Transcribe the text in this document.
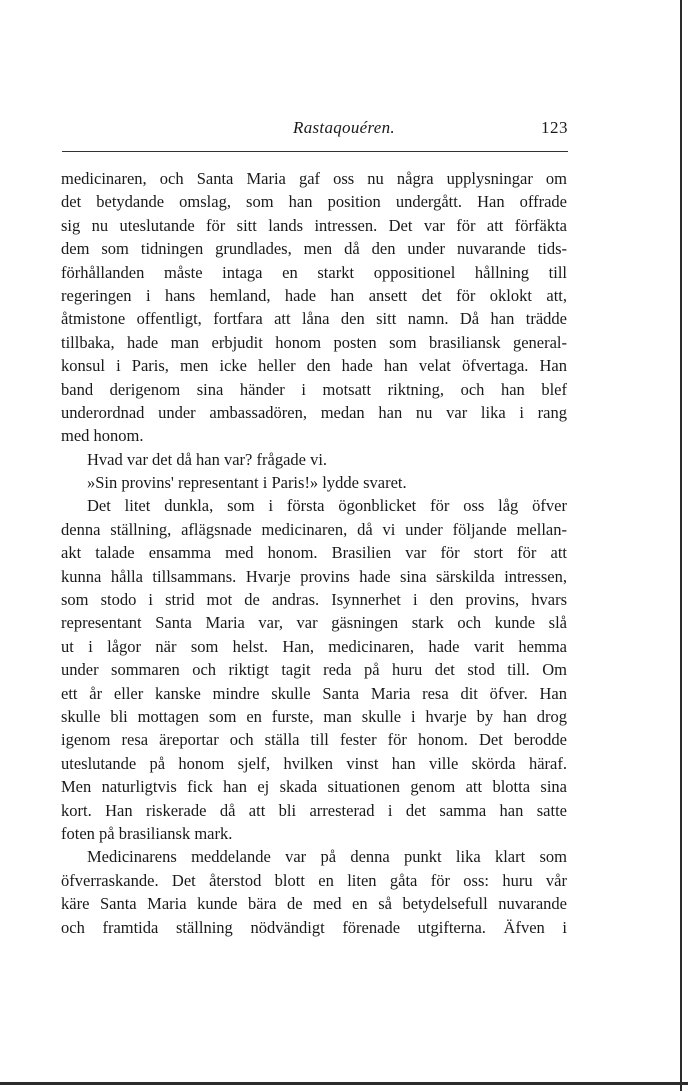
Rastaqouéren.	123
medicinaren, och Santa Maria gaf oss nu några upplysningar om
det betydande omslag, som han position undergått. Han offrade
sig nu uteslutande för sitt lands intressen. Det var för att förfäkta
dem som tidningen grundlades, men då den under nuvarande tids-
förhållanden måste intaga en starkt oppositionel hållning till
regeringen i hans hemland, hade han ansett det för oklokt att,
åtmistone offentligt, fortfara att låna den sitt namn. Då han trädde
tillbaka, hade man erbjudit honom posten som brasiliansk general-
konsul i Paris, men icke heller den hade han velat öfvertaga. Han
band derigenom sina händer i motsatt riktning, och han blef
underordnad under ambassadören, medan han nu var lika i rang
med honom.
Hvad var det då han var? frågade vi.
»Sin provins' representant i Paris!» lydde svaret.
Det litet dunkla, som i första ögonblicket för oss låg öfver
denna ställning, aflägsnade medicinaren, då vi under följande mellan-
akt talade ensamma med honom. Brasilien var för stort för att
kunna hålla tillsammans. Hvarje provins hade sina särskilda intressen,
som stodo i strid mot de andras. Isynnerhet i den provins, hvars
representant Santa Maria var, var gäsningen stark och kunde slå
ut i lågor när som helst. Han, medicinaren, hade varit hemma
under sommaren och riktigt tagit reda på huru det stod till. Om
ett år eller kanske mindre skulle Santa Maria resa dit öfver. Han
skulle bli mottagen som en furste, man skulle i hvarje by han drog
igenom resa äreportar och ställa till fester för honom. Det berodde
uteslutande på honom sjelf, hvilken vinst han ville skörda häraf.
Men naturligtvis fick han ej skada situationen genom att blotta sina
kort. Han riskerade då att bli arresterad i det samma han satte
foten på brasiliansk mark.
Medicinarens meddelande var på denna punkt lika klart som
öfverraskande. Det återstod blott en liten gåta för oss: huru vår
käre Santa Maria kunde bära de med en så betydelsefull nuvarande
och framtida ställning nödvändigt förenade utgifterna. Äfven i
